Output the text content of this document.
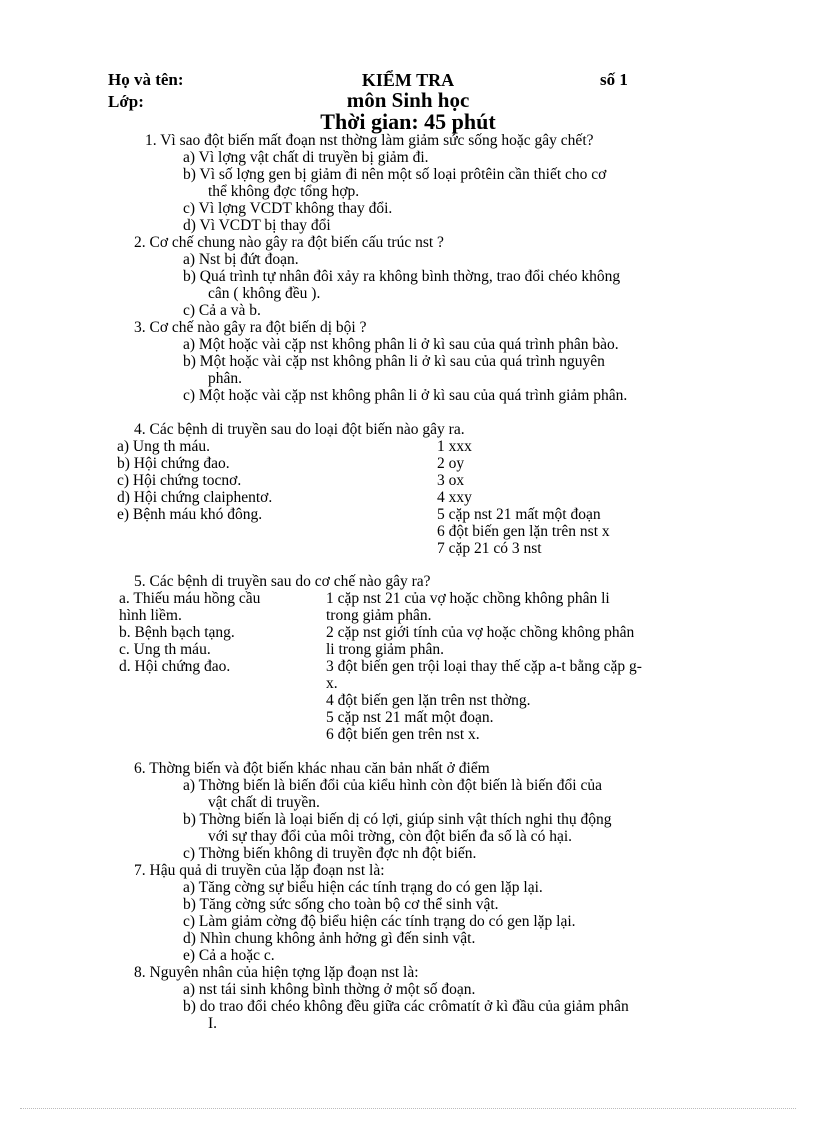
Họ và tên:
Lớp:
số 1
KIỂM TRA
môn Sinh học
Thời gian: 45 phút
1. Vì sao đột biến mất đoạn nst thờng làm giảm sức sống hoặc gây chết?
a) Vì lợng vật chất di truyền bị giảm đi.
b) Vì số lợng gen bị giảm đi nên một số loại prôtêin cần thiết cho cơ
thể không đợc tổng hợp.
c) Vì lợng VCDT không thay đổi.
d) Vì VCDT bị thay đổi
2. Cơ chế chung nào gây ra đột biến cấu trúc nst ?
a) Nst bị đứt đoạn.
b) Quá trình tự nhân đôi xảy ra không bình thờng, trao đổi chéo không
cân ( không đều ).
c) Cả a và b.
3. Cơ chế nào gây ra đột biến dị bội ?
a) Một hoặc vài cặp nst không phân li ở kì sau của quá trình phân bào.
b) Một hoặc vài cặp nst không phân li ở kì sau của quá trình nguyên
phân.
c) Một hoặc vài cặp nst không phân li ở kì sau của quá trình giảm phân.
4. Các bệnh di truyền sau do loại đột biến nào gây ra.
a) Ung th máu.
b) Hội chứng đao.
c) Hội chứng tocnơ.
d) Hội chứng claiphentơ.
e) Bệnh máu khó đông.
1 xxx
2 oy
3 ox
4 xxy
5 cặp nst 21 mất một đoạn
6 đột biến gen lặn trên nst x
7 cặp 21 có 3 nst
5. Các bệnh di truyền sau do cơ chế nào gây ra?
a. Thiếu máu hồng cầu
hình liềm.
b. Bệnh bạch tạng.
c. Ung th máu.
d. Hội chứng đao.
1 cặp nst 21 của vợ hoặc chồng không phân li
trong giảm phân.
2 cặp nst giới tính của vợ hoặc chồng không phân
li trong giảm phân.
3 đột biến gen trội loại thay thế cặp a-t bằng cặp g-
x.
4 đột biến gen lặn trên nst thờng.
5 cặp nst 21 mất một đoạn.
6 đột biến gen trên nst x.
6. Thờng biến và đột biến khác nhau căn bản nhất ở điểm
a) Thờng biến là biến đổi của kiểu hình còn đột biến là biến đổi của
vật chất di truyền.
b) Thờng biến là loại biến dị có lợi, giúp sinh vật thích nghi thụ động
với sự thay đổi của môi trờng, còn đột biến đa số là có hại.
c) Thờng biến không di truyền đợc nh đột biến.
7. Hậu quả di truyền của lặp đoạn nst là:
a) Tăng cờng sự biểu hiện các tính trạng do có gen lặp lại.
b) Tăng cờng sức sống cho toàn bộ cơ thể sinh vật.
c) Làm giảm cờng độ biểu hiện các tính trạng do có gen lặp lại.
d) Nhìn chung không ảnh hởng gì đến sinh vật.
e) Cả a hoặc c.
8. Nguyên nhân của hiện tợng lặp đoạn nst là:
a) nst tái sinh không bình thờng ở một số đoạn.
b) do trao đổi chéo không đều giữa các crômatít ở kì đầu của giảm phân
I.
